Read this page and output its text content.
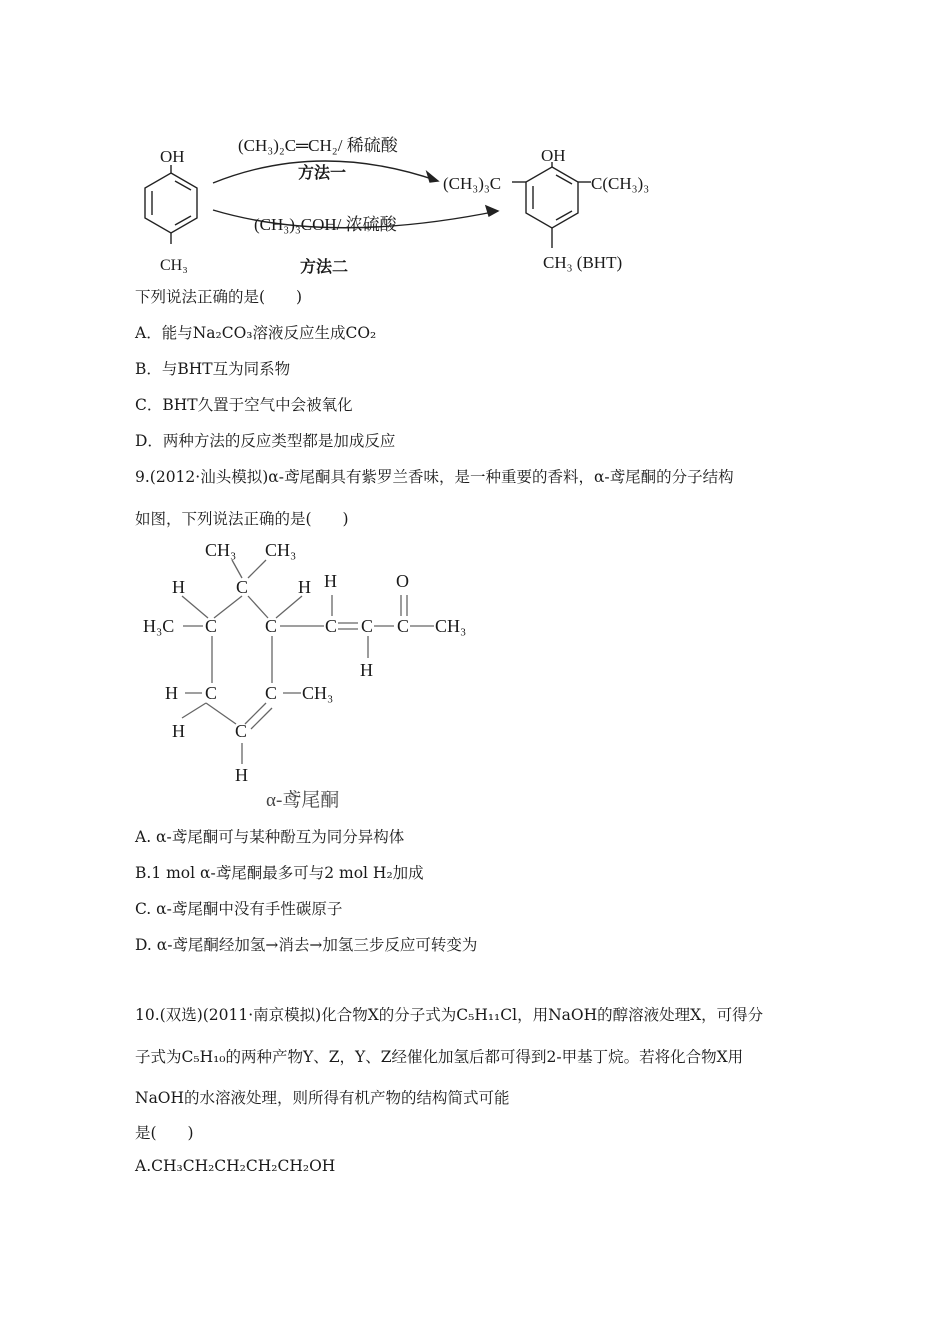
OH
CH₃
(CH₃)₂C═CH₂/ 稀硫酸
方法一
(CH₃)₃COH/ 浓硫酸
方法二
OH
(CH₃)₃C	C(CH₃)₃
CH₃ (BHT)
下列说法正确的是(　　)
A．能与Na₂CO₃溶液反应生成CO₂
B．与BHT互为同系物
C．BHT久置于空气中会被氧化
D．两种方法的反应类型都是加成反应
9.(2012·汕头模拟)α-鸢尾酮具有紫罗兰香味，是一种重要的香料，α-鸢尾酮的分子结构
如图，下列说法正确的是(　　)
CH₃ CH₃
H	C	H H	O
H₃C C	C	C C C CH₃
H
H C	C CH₃
H	C
H
α-鸢尾酮
A. α-鸢尾酮可与某种酚互为同分异构体
B.1 mol α-鸢尾酮最多可与2 mol H₂加成
C. α-鸢尾酮中没有手性碳原子
D. α-鸢尾酮经加氢→消去→加氢三步反应可转变为
10.(双选)(2011·南京模拟)化合物X的分子式为C₅H₁₁Cl，用NaOH的醇溶液处理X，可得分
子式为C₅H₁₀的两种产物Y、Z，Y、Z经催化加氢后都可得到2-甲基丁烷。若将化合物X用
NaOH的水溶液处理，则所得有机产物的结构简式可能
是(　　)
A.CH₃CH₂CH₂CH₂CH₂OH
